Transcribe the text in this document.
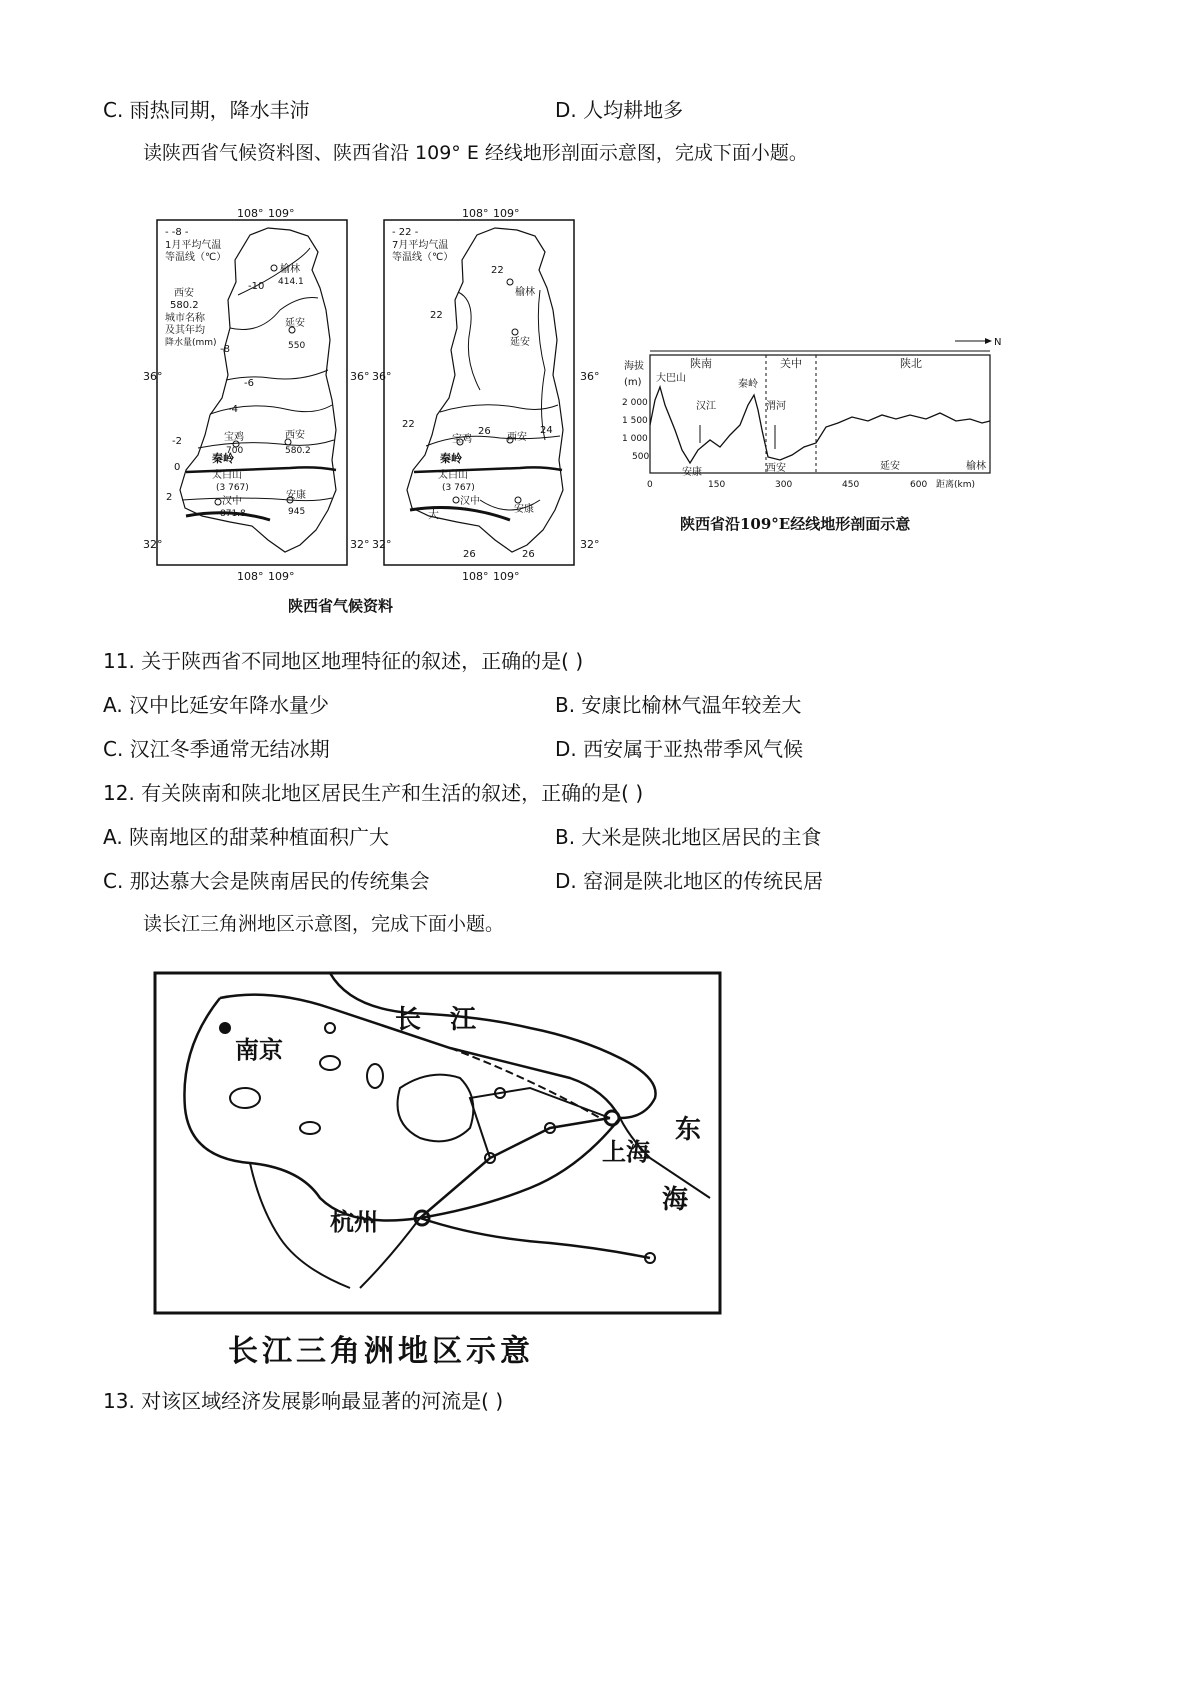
C. 雨热同期，降水丰沛	D. 人均耕地多
读陕西省气候资料图、陕西省沿 109° E 经线地形剖面示意图，完成下面小题。
108° 109°	108° 109°
- -8 -
1月平均气温
等温线（℃）
西安
580.2
城市名称
及其年均
降水量(mm)
-10
-8
-6
-4
-2
0
2
榆林
414.1
延安
550
宝鸡
700
西安
580.2
秦岭
太白山
(3 767)
汉中
871.8
安康
945
36°
32°
36° 36°
32° 32°
36°
32°
- 22 -
7月平均气温
等温线（℃）
22
22
22
24
26
26	26
榆林
延安
宝鸡	西安
秦岭
太白山
(3 767)
汉中
安康
大
108° 109°	108° 109°
陕西省气候资料
N
海拔
(m)
陕南	关中	陕北
2 000
1 500
1 000
500
大巴山
汉江
秦岭
渭河
安康	西安	延安	榆林
0	150	300	450	600 距离(km)
陕西省沿109°E经线地形剖面示意
11. 关于陕西省不同地区地理特征的叙述，正确的是( )
A. 汉中比延安年降水量少	B. 安康比榆林气温年较差大
C. 汉江冬季通常无结冰期	D. 西安属于亚热带季风气候
12. 有关陕南和陕北地区居民生产和生活的叙述，正确的是( )
A. 陕南地区的甜菜种植面积广大	B. 大米是陕北地区居民的主食
C. 那达慕大会是陕南居民的传统集会	D. 窑洞是陕北地区的传统民居
读长江三角洲地区示意图，完成下面小题。
长 江
南京
东
上海
海
杭州
长江三角洲地区示意
13. 对该区域经济发展影响最显著的河流是( )
